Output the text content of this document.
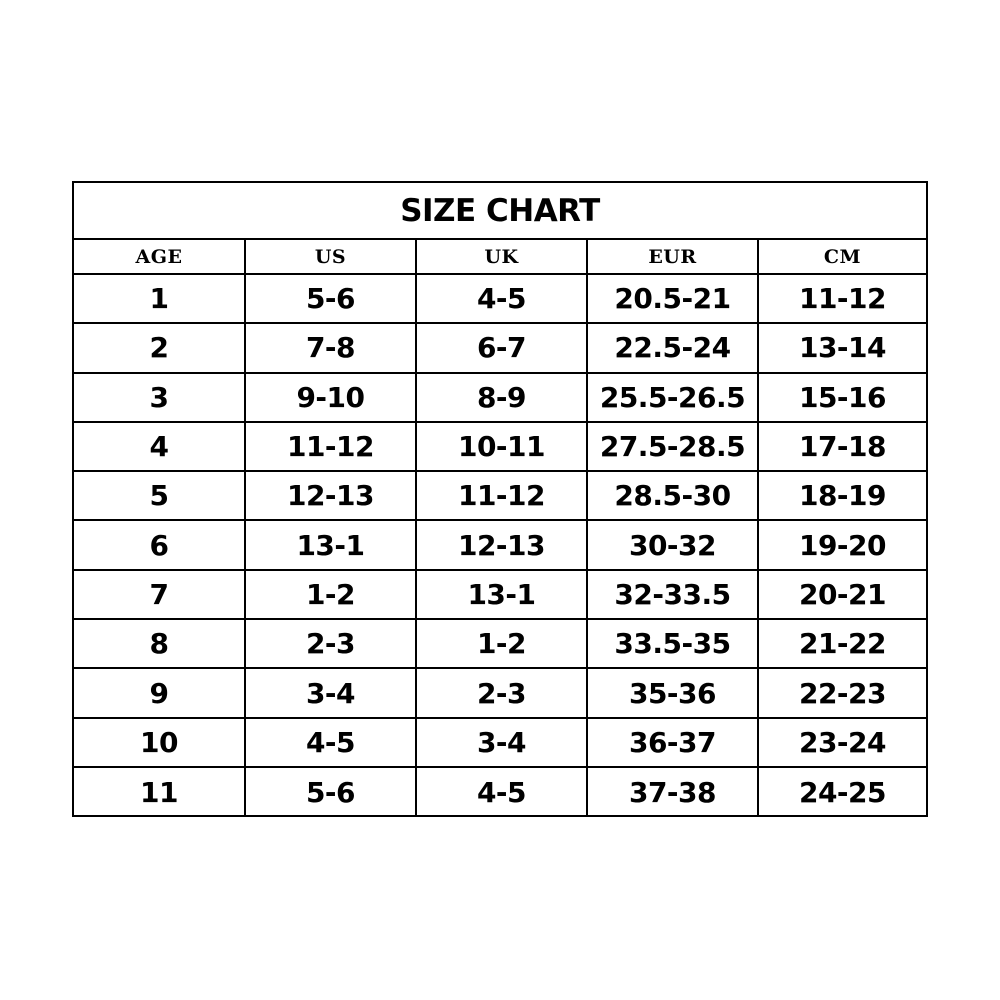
SIZE CHART
AGE	US	UK	EUR	CM
1	5-6	4-5	20.5-21	11-12
2	7-8	6-7	22.5-24	13-14
3	9-10	8-9	25.5-26.5	15-16
4	11-12	10-11	27.5-28.5	17-18
5	12-13	11-12	28.5-30	18-19
6	13-1	12-13	30-32	19-20
7	1-2	13-1	32-33.5	20-21
8	2-3	1-2	33.5-35	21-22
9	3-4	2-3	35-36	22-23
10	4-5	3-4	36-37	23-24
11	5-6	4-5	37-38	24-25
